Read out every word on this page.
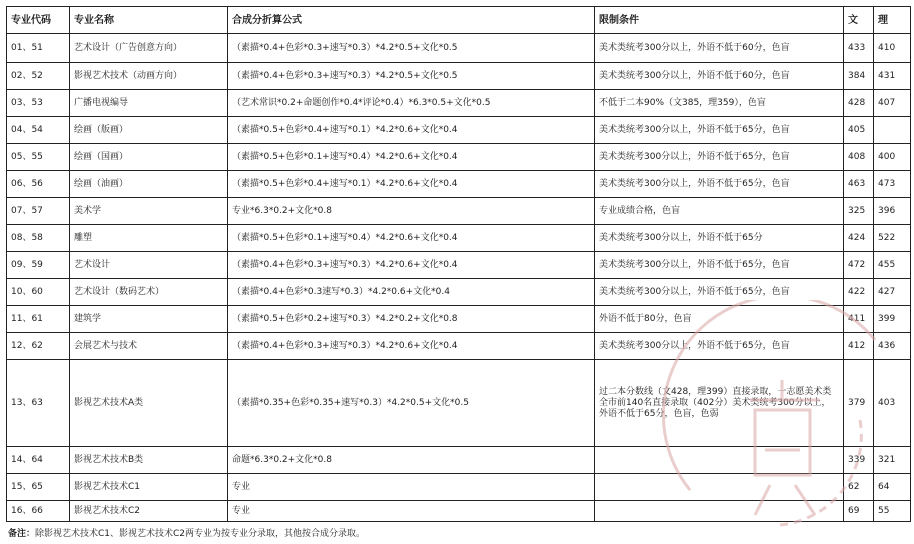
专业代码	专业名称	合成分折算公式	限制条件	文	理
01、51	艺术设计（广告创意方向）	（素描*0.4+色彩*0.3+速写*0.3）*4.2*0.5+文化*0.5	美术类统考300分以上，外语不低于60分，色盲	433	410
02、52	影视艺术技术（动画方向）	（素描*0.4+色彩*0.3+速写*0.3）*4.2*0.5+文化*0.5	美术类统考300分以上，外语不低于60分，色盲	384	431
03、53	广播电视编导	（艺术常识*0.2+命题创作*0.4*评论*0.4）*6.3*0.5+文化*0.5	不低于二本90%（文385，理359），色盲	428	407
04、54	绘画（版画）	（素描*0.5+色彩*0.4+速写*0.1）*4.2*0.6+文化*0.4	美术类统考300分以上，外语不低于65分，色盲	405	
05、55	绘画（国画）	（素描*0.5+色彩*0.1+速写*0.4）*4.2*0.6+文化*0.4	美术类统考300分以上，外语不低于65分，色盲	408	400
06、56	绘画（油画）	（素描*0.5+色彩*0.4+速写*0.1）*4.2*0.6+文化*0.4	美术类统考300分以上，外语不低于65分，色盲	463	473
07、57	美术学	专业*6.3*0.2+文化*0.8	专业成绩合格，色盲	325	396
08、58	雕塑	（素描*0.5+色彩*0.1+速写*0.4）*4.2*0.6+文化*0.4	美术类统考300分以上，外语不低于65分	424	522
09、59	艺术设计	（素描*0.4+色彩*0.3+速写*0.3）*4.2*0.6+文化*0.4	美术类统考300分以上，外语不低于65分，色盲	472	455
10、60	艺术设计（数码艺术）	（素描*0.4+色彩*0.3速写*0.3）*4.2*0.6+文化*0.4	美术类统考300分以上，外语不低于65分，色盲	422	427
11、61	建筑学	（素描*0.5+色彩*0.2+速写*0.3）*4.2*0.2+文化*0.8	外语不低于80分，色盲	411	399
12、62	会展艺术与技术	（素描*0.4+色彩*0.3+速写*0.3）*4.2*0.6+文化*0.4	美术类统考300分以上，外语不低于65分，色盲	412	436
13、63	影视艺术技术A类	（素描*0.35+色彩*0.35+速写*0.3）*4.2*0.5+文化*0.5	过二本分数线（文428，理399）直接录取，一志愿美术类全市前140名直接录取（402分）美术类统考300分以上，外语不低于65分，色盲，色弱	379	403
14、64	影视艺术技术B类	命题*6.3*0.2+文化*0.8		339	321
15、65	影视艺术技术C1	专业		62	64
16、66	影视艺术技术C2	专业		69	55
备注：除影视艺术技术C1、影视艺术技术C2两专业为按专业分录取，其他按合成分录取。
